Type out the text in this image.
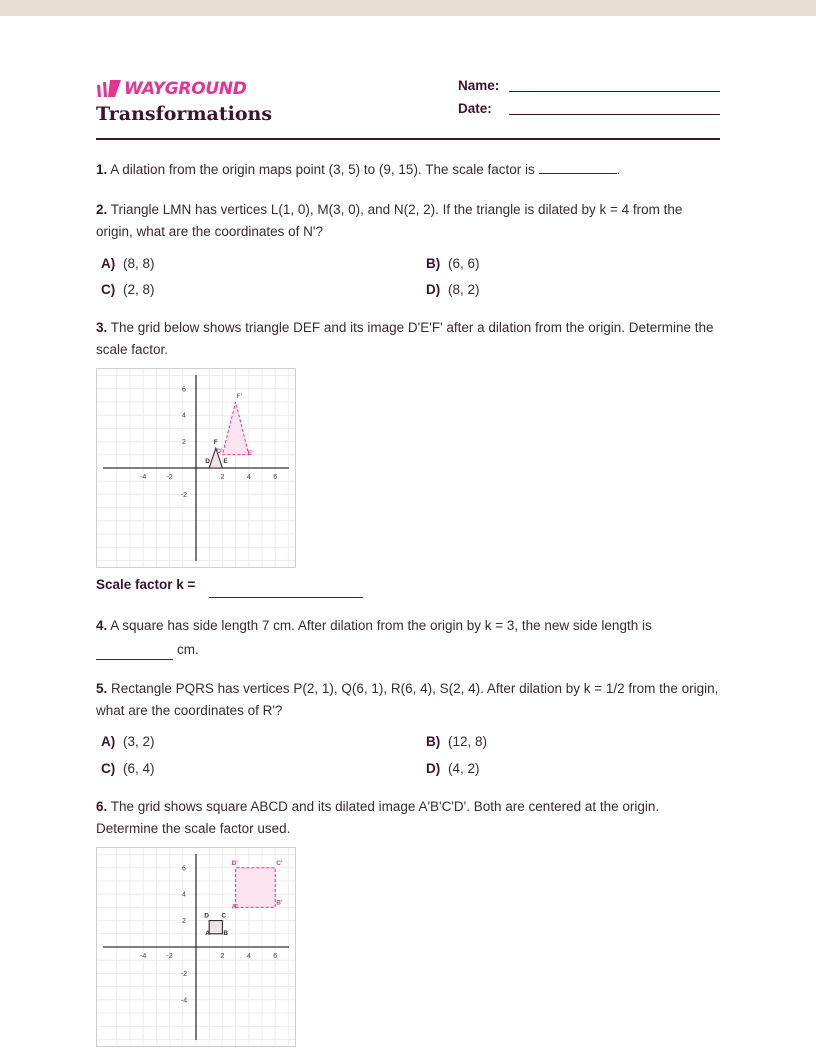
WAYGROUND
Transformations
Name:
Date:
1. A dilation from the origin maps point (3, 5) to (9, 15). The scale factor is	.
2. Triangle LMN has vertices L(1, 0), M(3, 0), and N(2, 2). If the triangle is dilated by k = 4 from the origin, what are the coordinates of N'?
A) (8, 8)	B) (6, 6)
C) (2, 8)	D) (8, 2)
3. The grid below shows triangle DEF and its image D'E'F' after a dilation from the origin. Determine the scale factor.
-4	-2	2	4	6
6
4
2
-2
D E
F
D'	E'
F'
Scale factor k =
4. A square has side length 7 cm. After dilation from the origin by k = 3, the new side length is
cm.
5. Rectangle PQRS has vertices P(2, 1), Q(6, 1), R(6, 4), S(2, 4). After dilation by k = 1/2 from the origin, what are the coordinates of R'?
A) (3, 2)	B) (12, 8)
C) (6, 4)	D) (4, 2)
6. The grid shows square ABCD and its dilated image A'B'C'D'. Both are centered at the origin. Determine the scale factor used.
-4	-2	2	4	6
6
4
2
-2
-4
A B
C
D
A'
B'
C'
D'
